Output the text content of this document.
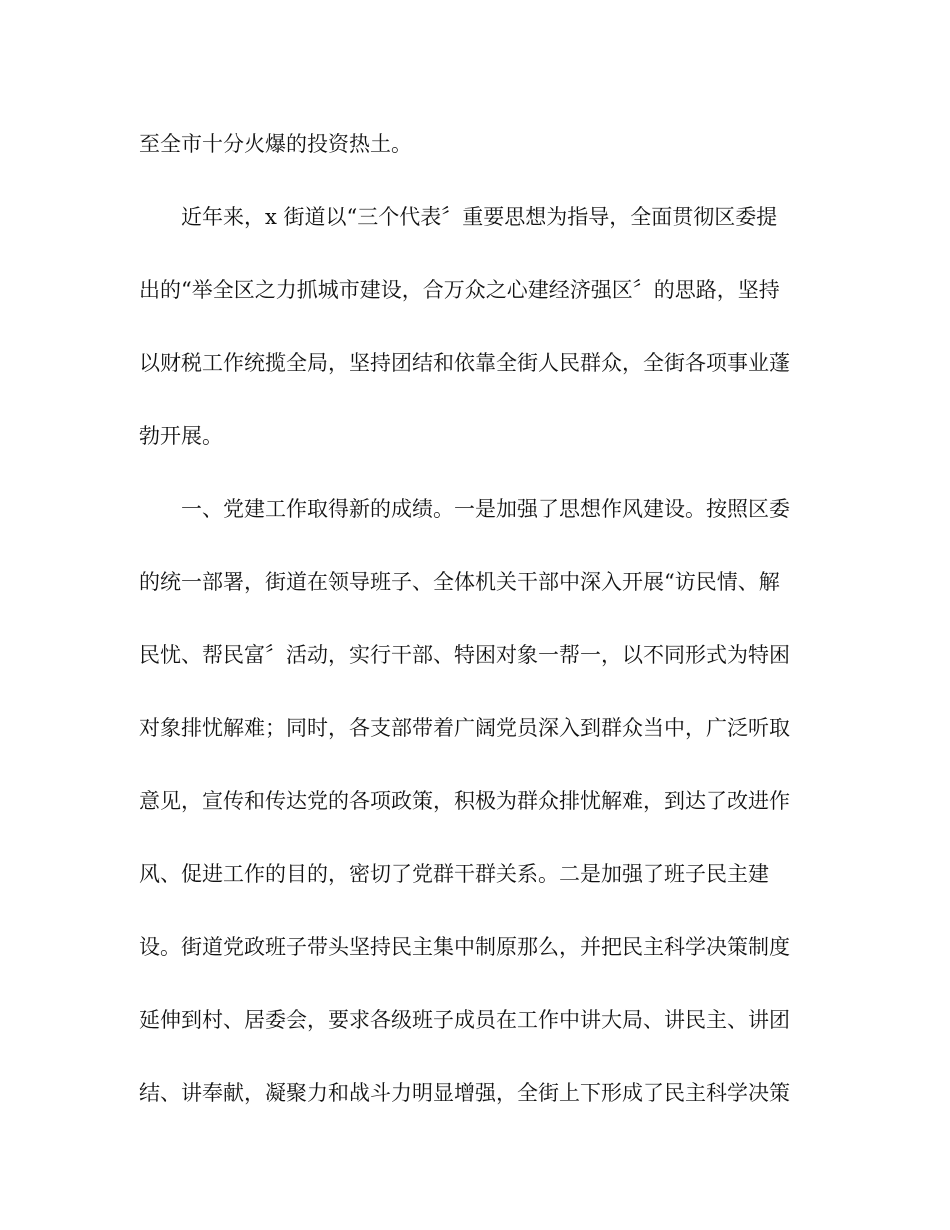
至全市十分火爆的投资热土。
近年来，x 街道以“三个代表〞重要思想为指导，全面贯彻区委提
出的“举全区之力抓城市建设，合万众之心建经济强区〞的思路，坚持
以财税工作统揽全局，坚持团结和依靠全街人民群众，全街各项事业蓬
勃开展。
一、党建工作取得新的成绩。一是加强了思想作风建设。按照区委
的统一部署，街道在领导班子、全体机关干部中深入开展“访民情、解
民忧、帮民富〞活动，实行干部、特困对象一帮一，以不同形式为特困
对象排忧解难；同时，各支部带着广阔党员深入到群众当中，广泛听取
意见，宣传和传达党的各项政策，积极为群众排忧解难，到达了改进作
风、促进工作的目的，密切了党群干群关系。二是加强了班子民主建
设。街道党政班子带头坚持民主集中制原那么，并把民主科学决策制度
延伸到村、居委会，要求各级班子成员在工作中讲大局、讲民主、讲团
结、讲奉献，凝聚力和战斗力明显增强，全街上下形成了民主科学决策
